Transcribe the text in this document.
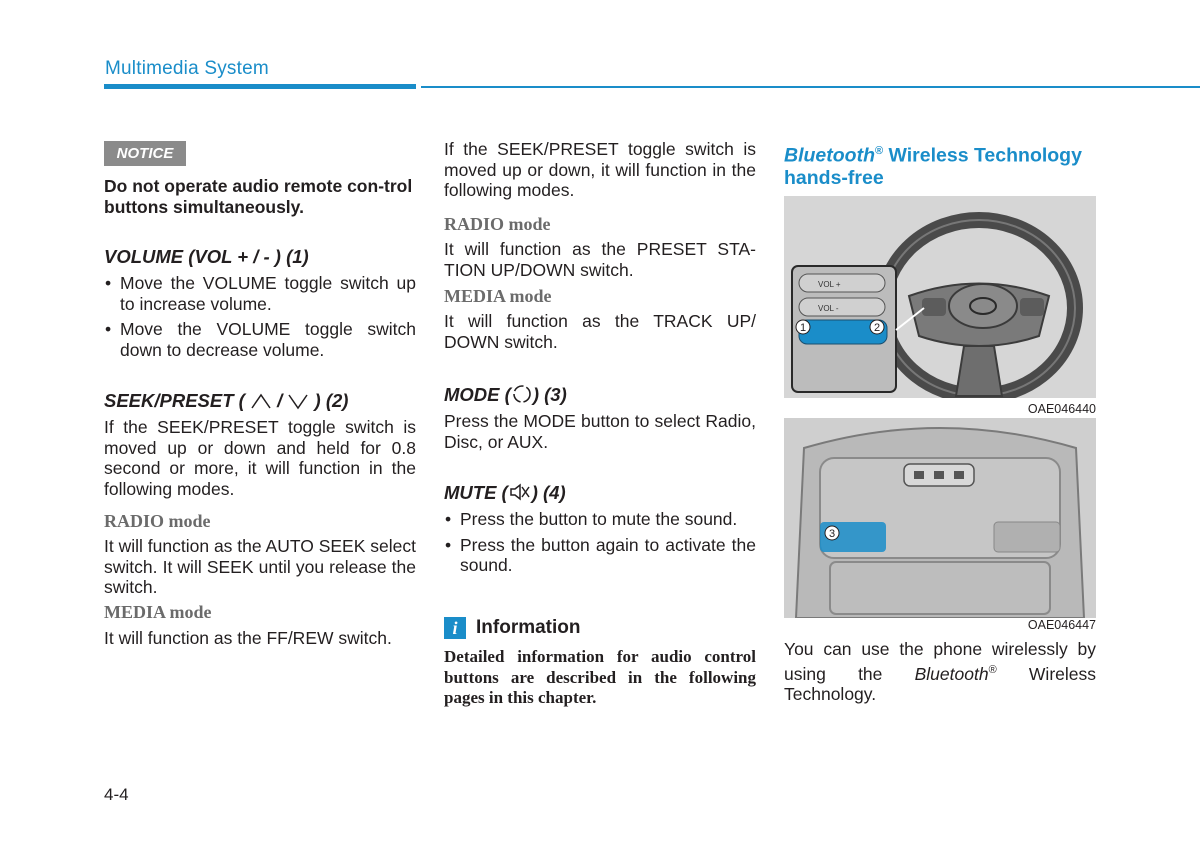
Multimedia System
NOTICE

Do not operate audio remote con-trol buttons simultaneously.

VOLUME (VOL + / - ) (1)

• Move the VOLUME toggle switch up to increase volume.
• Move the VOLUME toggle switch down to decrease volume.

SEEK/PRESET ( / ) (2)

If the SEEK/PRESET toggle switch is moved up or down and held for 0.8 second or more, it will function in the following modes.

RADIO mode

It will function as the AUTO SEEK select switch. It will SEEK until you release the switch.

MEDIA mode

It will function as the FF/REW switch.

If the SEEK/PRESET toggle switch is moved up or down, it will function in the following modes.

RADIO mode

It will function as the PRESET STA-TION UP/DOWN switch.

MEDIA mode

It will function as the TRACK UP/ DOWN switch.

MODE ( ) (3)

Press the MODE button to select Radio, Disc, or AUX.

MUTE ( ) (4)

• Press the button to mute the sound.
• Press the button again to activate the sound.
i Information

Detailed information for audio control buttons are described in the following pages in this chapter.

Bluetooth® Wireless Technology
hands-free

VOL +
VOL -
1	2
OAE046440
3
OAE046447

You can use the phone wirelessly by using the Bluetooth® Wireless Technology.

4-4
